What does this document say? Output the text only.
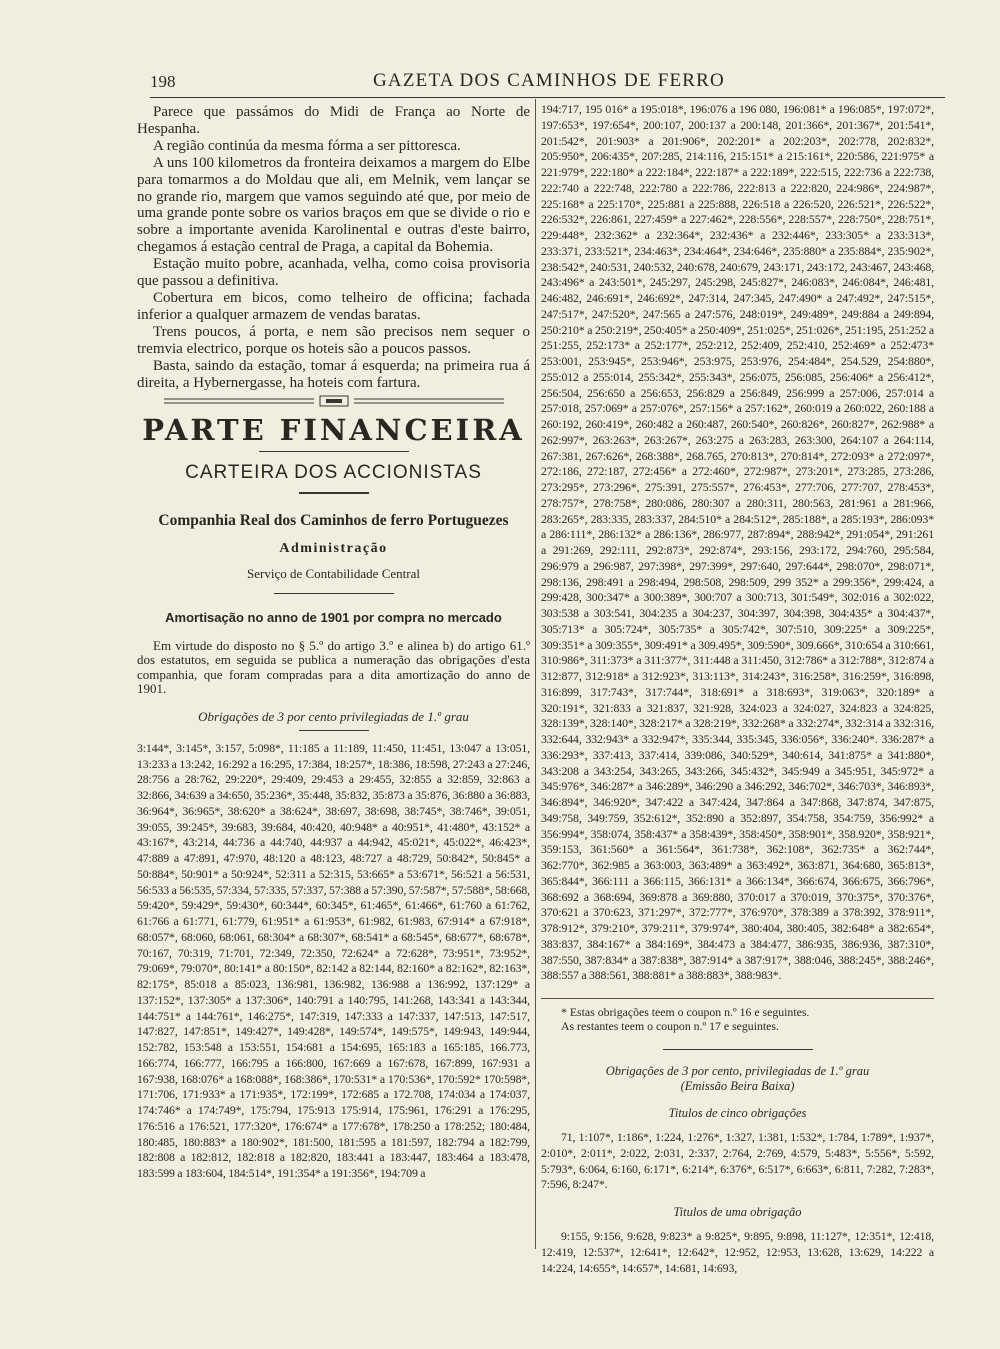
198	GAZETA DOS CAMINHOS DE FERRO

Parece que passámos do Midi de França ao Norte de Hespanha.

A região continúa da mesma fórma a ser pittoresca.

A uns 100 kilometros da fronteira deixamos a margem do Elbe para tomarmos a do Moldau que ali, em Melnik, vem lançar se no grande rio, margem que vamos seguindo até que, por meio de uma grande ponte sobre os varios braços em que se divide o rio e sobre a importante avenida Karolinental e outras d'este bairro, chegamos á estação central de Praga, a capital da Bohemia.

Estação muito pobre, acanhada, velha, como coisa provisoria que passou a definitiva.

Cobertura em bicos, como telheiro de officina; fachada inferior a qualquer armazem de vendas baratas.

Trens poucos, á porta, e nem são precisos nem sequer o tremvia electrico, porque os hoteis são a poucos passos.

Basta, saindo da estação, tomar á esquerda; na primeira rua á direita, a Hybernergasse, ha hoteis com fartura.

PARTE FINANCEIRA
CARTEIRA DOS ACCIONISTAS
Companhia Real dos Caminhos de ferro Portuguezes
Administração
Serviço de Contabilidade Central
Amortisação no anno de 1901 por compra no mercado
Em virtude do disposto no § 5.º do artigo 3.º e alinea b) do artigo 61.º dos estatutos, em seguida se publica a numeração das obrigações d'esta companhia, que foram compradas para a dita amortização do anno de 1901.
Obrigações de 3 por cento privilegiadas de 1.º grau
3:144*, 3:145*, 3:157, 5:098*, 11:185 a 11:189, 11:450, 11:451, 13:047 a 13:051, 13:233 a 13:242, 16:292 a 16:295, 17:384, 18:257*, 18:386, 18:598, 27:243 a 27:246, 28:756 a 28:762, 29:220*, 29:409, 29:453 a 29:455, 32:855 a 32:859, 32:863 a 32:866, 34:639 a 34:650, 35:236*, 35:448, 35:832, 35:873 a 35:876, 36:880 a 36:883, 36:964*, 36:965*, 38:620* a 38:624*, 38:697, 38:698, 38:745*, 38:746*, 39:051, 39:055, 39:245*, 39:683, 39:684, 40:420, 40:948* a 40:951*, 41:480*, 43:152* a 43:167*, 43:214, 44:736 a 44:740, 44:937 a 44:942, 45:021*, 45:022*, 46:423*, 47:889 a 47:891, 47:970, 48:120 a 48:123, 48:727 a 48:729, 50:842*, 50:845* a 50:884*, 50:901* a 50:924*, 52:311 a 52:315, 53:665* a 53:671*, 56:521 a 56:531, 56:533 a 56:535, 57:334, 57:335, 57:337, 57:388 a 57:390, 57:587*, 57:588*, 58:668, 59:420*, 59:429*, 59:430*, 60:344*, 60:345*, 61:465*, 61:466*, 61:760 a 61:762, 61:766 a 61:771, 61:779, 61:951* a 61:953*, 61:982, 61:983, 67:914* a 67:918*, 68:057*, 68:060, 68:061, 68:304* a 68:307*, 68:541* a 68:545*, 68:677*, 68:678*, 70:167, 70:319, 71:701, 72:349, 72:350, 72:624* a 72:628*, 73:951*, 73:952*, 79:069*, 79:070*, 80:141* a 80:150*, 82:142 a 82:144, 82:160* a 82:162*, 82:163*, 82:175*, 85:018 a 85:023, 136:981, 136:982, 136:988 a 136:992, 137:129* a 137:152*, 137:305* a 137:306*, 140:791 a 140:795, 141:268, 143:341 a 143:344, 144:751* a 144:761*, 146:275*, 147:319, 147:333 a 147:337, 147:513, 147:517, 147:827, 147:851*, 149:427*, 149:428*, 149:574*, 149:575*, 149:943, 149:944, 152:782, 153:548 a 153:551, 154:681 a 154:695, 165:183 a 165:185, 166.773, 166:774, 166:777, 166:795 a 166:800, 167:669 a 167:678, 167:899, 167:931 a 167:938, 168:076* a 168:088*, 168:386*, 170:531* a 170:536*, 170:592* 170:598*, 171:706, 171:933* a 171:935*, 172:199*, 172:685 a 172.708, 174:034 a 174:037, 174:746* a 174:749*, 175:794, 175:913 175:914, 175:961, 176:291 a 176:295, 176:516 a 176:521, 177:320*, 176:674* a 177:678*, 178:250 a 178:252; 180:484, 180:485, 180:883* a 180:902*, 181:500, 181:595 a 181:597, 182:794 a 182:799, 182:808 a 182:812, 182:818 a 182:820, 183:441 a 183:447, 183:464 a 183:478, 183:599 a 183:604, 184:514*, 191:354* a 191:356*, 194:709 a
194:717, 195 016* a 195:018*, 196:076 a 196 080, 196:081* a 196:085*, 197:072*, 197:653*, 197:654*, 200:107, 200:137 a 200:148, 201:366*, 201:367*, 201:541*, 201:542*, 201:903* a 201:906*, 202:201* a 202:203*, 202:778, 202:832*, 205:950*, 206:435*, 207:285, 214:116, 215:151* a 215:161*, 220:586, 221:975* a 221:979*, 222:180* a 222:184*, 222:187* a 222:189*, 222:515, 222:736 a 222:738, 222:740 a 222:748, 222:780 a 222:786, 222:813 a 222:820, 224:986*, 224:987*, 225:168* a 225:170*, 225:881 a 225:888, 226:518 a 226:520, 226:521*, 226:522*, 226:532*, 226:861, 227:459* a 227:462*, 228:556*, 228:557*, 228:750*, 228:751*, 229:448*, 232:362* a 232:364*, 232:436* a 232:446*, 233:305* a 233:313*, 233:371, 233:521*, 234:463*, 234:464*, 234:646*, 235:880* a 235:884*, 235:902*, 238:542*, 240:531, 240:532, 240:678, 240:679, 243:171, 243:172, 243:467, 243:468, 243:496* a 243:501*, 245:297, 245:298, 245:827*, 246:083*, 246:084*, 246:481, 246:482, 246:691*, 246:692*, 247:314, 247:345, 247:490* a 247:492*, 247:515*, 247:517*, 247:520*, 247:565 a 247:576, 248:019*, 249:489*, 249:884 a 249:894, 250:210* a 250:219*, 250:405* a 250:409*, 251:025*, 251:026*, 251:195, 251:252 a 251:255, 252:173* a 252:177*, 252:212, 252:409, 252:410, 252:469* a 252:473* 253:001, 253:945*, 253:946*, 253:975, 253:976, 254:484*, 254.529, 254:880*, 255:012 a 255:014, 255:342*, 255:343*, 256:075, 256:085, 256:406* a 256:412*, 256:504, 256:650 a 256:653, 256:829 a 256:849, 256:999 a 257:006, 257:014 a 257:018, 257:069* a 257:076*, 257:156* a 257:162*, 260:019 a 260:022, 260:188 a 260:192, 260:419*, 260:482 a 260:487, 260:540*, 260:826*, 260:827*, 262:988* a 262:997*, 263:263*, 263:267*, 263:275 a 263:283, 263:300, 264:107 a 264:114, 267:381, 267:626*, 268:388*, 268.765, 270:813*, 270:814*, 272:093* a 272:097*, 272:186, 272:187, 272:456* a 272:460*, 272:987*, 273:201*, 273:285, 273:286, 273:295*, 273:296*, 275:391, 275:557*, 276:453*, 277:706, 277:707, 278:453*, 278:757*, 278:758*, 280:086, 280:307 a 280:311, 280:563, 281:961 a 281:966, 283:265*, 283:335, 283:337, 284:510* a 284:512*, 285:188*, a 285:193*, 286:093* a 286:111*, 286:132* a 286:136*, 286:977, 287:894*, 288:942*, 291:054*, 291:261 a 291:269, 292:111, 292:873*, 292:874*, 293:156, 293:172, 294:760, 295:584, 296:979 a 296:987, 297:398*, 297:399*, 297:640, 297:644*, 298:070*, 298:071*, 298:136, 298:491 a 298:494, 298:508, 298:509, 299 352* a 299:356*, 299:424, a 299:428, 300:347* a 300:389*, 300:707 a 300:713, 301:549*, 302:016 a 302:022, 303:538 a 303:541, 304:235 a 304:237, 304:397, 304:398, 304:435* a 304:437*, 305:713* a 305:724*, 305:735* a 305:742*, 307:510, 309:225* a 309:225*, 309:351* a 309:355*, 309:491* a 309.495*, 309:590*, 309.666*, 310:654 a 310:661, 310:986*, 311:373* a 311:377*, 311:448 a 311:450, 312:786* a 312:788*, 312:874 a 312:877, 312:918* a 312:923*, 313:113*, 314:243*, 316:258*, 316:259*, 316:898, 316:899, 317:743*, 317:744*, 318:691* a 318:693*, 319:063*, 320:189* a 320:191*, 321:833 a 321:837, 321:928, 324:023 a 324:027, 324:823 a 324:825, 328:139*, 328:140*, 328:217* a 328:219*, 332:268* a 332:274*, 332:314 a 332:316, 332:644, 332:943* a 332:947*, 335:344, 335:345, 336:056*, 336:240*. 336:287* a 336:293*, 337:413, 337:414, 339:086, 340:529*, 340:614, 341:875* a 341:880*, 343:208 a 343:254, 343:265, 343:266, 345:432*, 345:949 a 345:951, 345:972* a 345:976*, 346:287* a 346:289*, 346:290 a 346:292, 346:702*, 346:703*, 346:893*, 346:894*, 346:920*, 347:422 a 347:424, 347:864 a 347:868, 347:874, 347:875, 349:758, 349:759, 352:612*, 352:890 a 352:897, 354:758, 354:759, 356:992* a 356:994*, 358:074, 358:437* a 358:439*, 358:450*, 358:901*, 358.920*, 358:921*, 359:153, 361:560* a 361:564*, 361:738*, 362:108*, 362:735* a 362:744*, 362:770*, 362:985 a 363:003, 363:489* a 363:492*, 363:871, 364:680, 365:813*, 365:844*, 366:111 a 366:115, 366:131* a 366:134*, 366:674, 366:675, 366:796*, 368:692 a 368:694, 369:878 a 369:880, 370:017 a 370:019, 370:375*, 370:376*, 370:621 a 370:623, 371:297*, 372:777*, 376:970*, 378:389 a 378:392, 378:911*, 378:912*, 379:210*, 379:211*, 379:974*, 380:404, 380:405, 382:648* a 382:654*, 383:837, 384:167* a 384:169*, 384:473 a 384:477, 386:935, 386:936, 387:310*, 387:550, 387:834* a 387:838*, 387:914* a 387:917*, 388:046, 388:245*, 388:246*, 388:557 a 388:561, 388:881* a 388:883*, 388:983*.
* Estas obrigações teem o coupon n.º 16 e seguintes.
As restantes teem o coupon n.º 17 e seguintes.
Obrigações de 3 por cento, privilegiadas de 1.º grau
(Emissão Beira Baixa)
Titulos de cinco obrigações
71, 1:107*, 1:186*, 1:224, 1:276*, 1:327, 1:381, 1:532*, 1:784, 1:789*, 1:937*, 2:010*, 2:011*, 2:022, 2:031, 2:337, 2:764, 2:769, 4:579, 5:483*, 5:556*, 5:592, 5:793*, 6:064, 6:160, 6:171*, 6:214*, 6:376*, 6:517*, 6:663*, 6:811, 7:282, 7:283*, 7:596, 8:247*.
Titulos de uma obrigação
9:155, 9:156, 9:628, 9:823* a 9:825*, 9:895, 9:898, 11:127*, 12:351*, 12:418, 12:419, 12:537*, 12:641*, 12:642*, 12:952, 12:953, 13:628, 13:629, 14:222 a 14:224, 14:655*, 14:657*, 14:681, 14:693,
